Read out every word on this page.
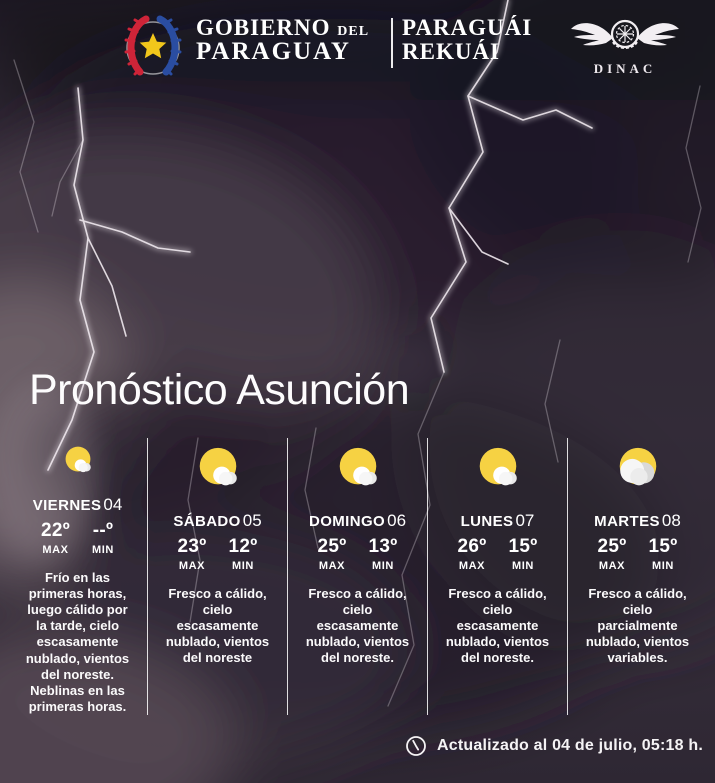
GOBIERNO DEL
PARAGUAY
PARAGUÁI
REKUÁI
DINAC
Pronóstico Asunción
VIERNES 04
22º
MAX
--º
MIN

Frío en las primeras horas, luego cálido por la tarde, cielo escasamente nublado, vientos del noreste. Neblinas en las primeras horas.

SÁBADO 05
23º
MAX
12º
MIN

Fresco a cálido, cielo escasamente nublado, vientos del noreste

DOMINGO 06
25º
MAX
13º
MIN

Fresco a cálido, cielo escasamente nublado, vientos del noreste.

LUNES 07
26º
MAX
15º
MIN

Fresco a cálido, cielo escasamente nublado, vientos del noreste.

MARTES 08
25º
MAX
15º
MIN

Fresco a cálido, cielo parcialmente nublado, vientos variables.

Actualizado al 04 de julio, 05:18 h.
